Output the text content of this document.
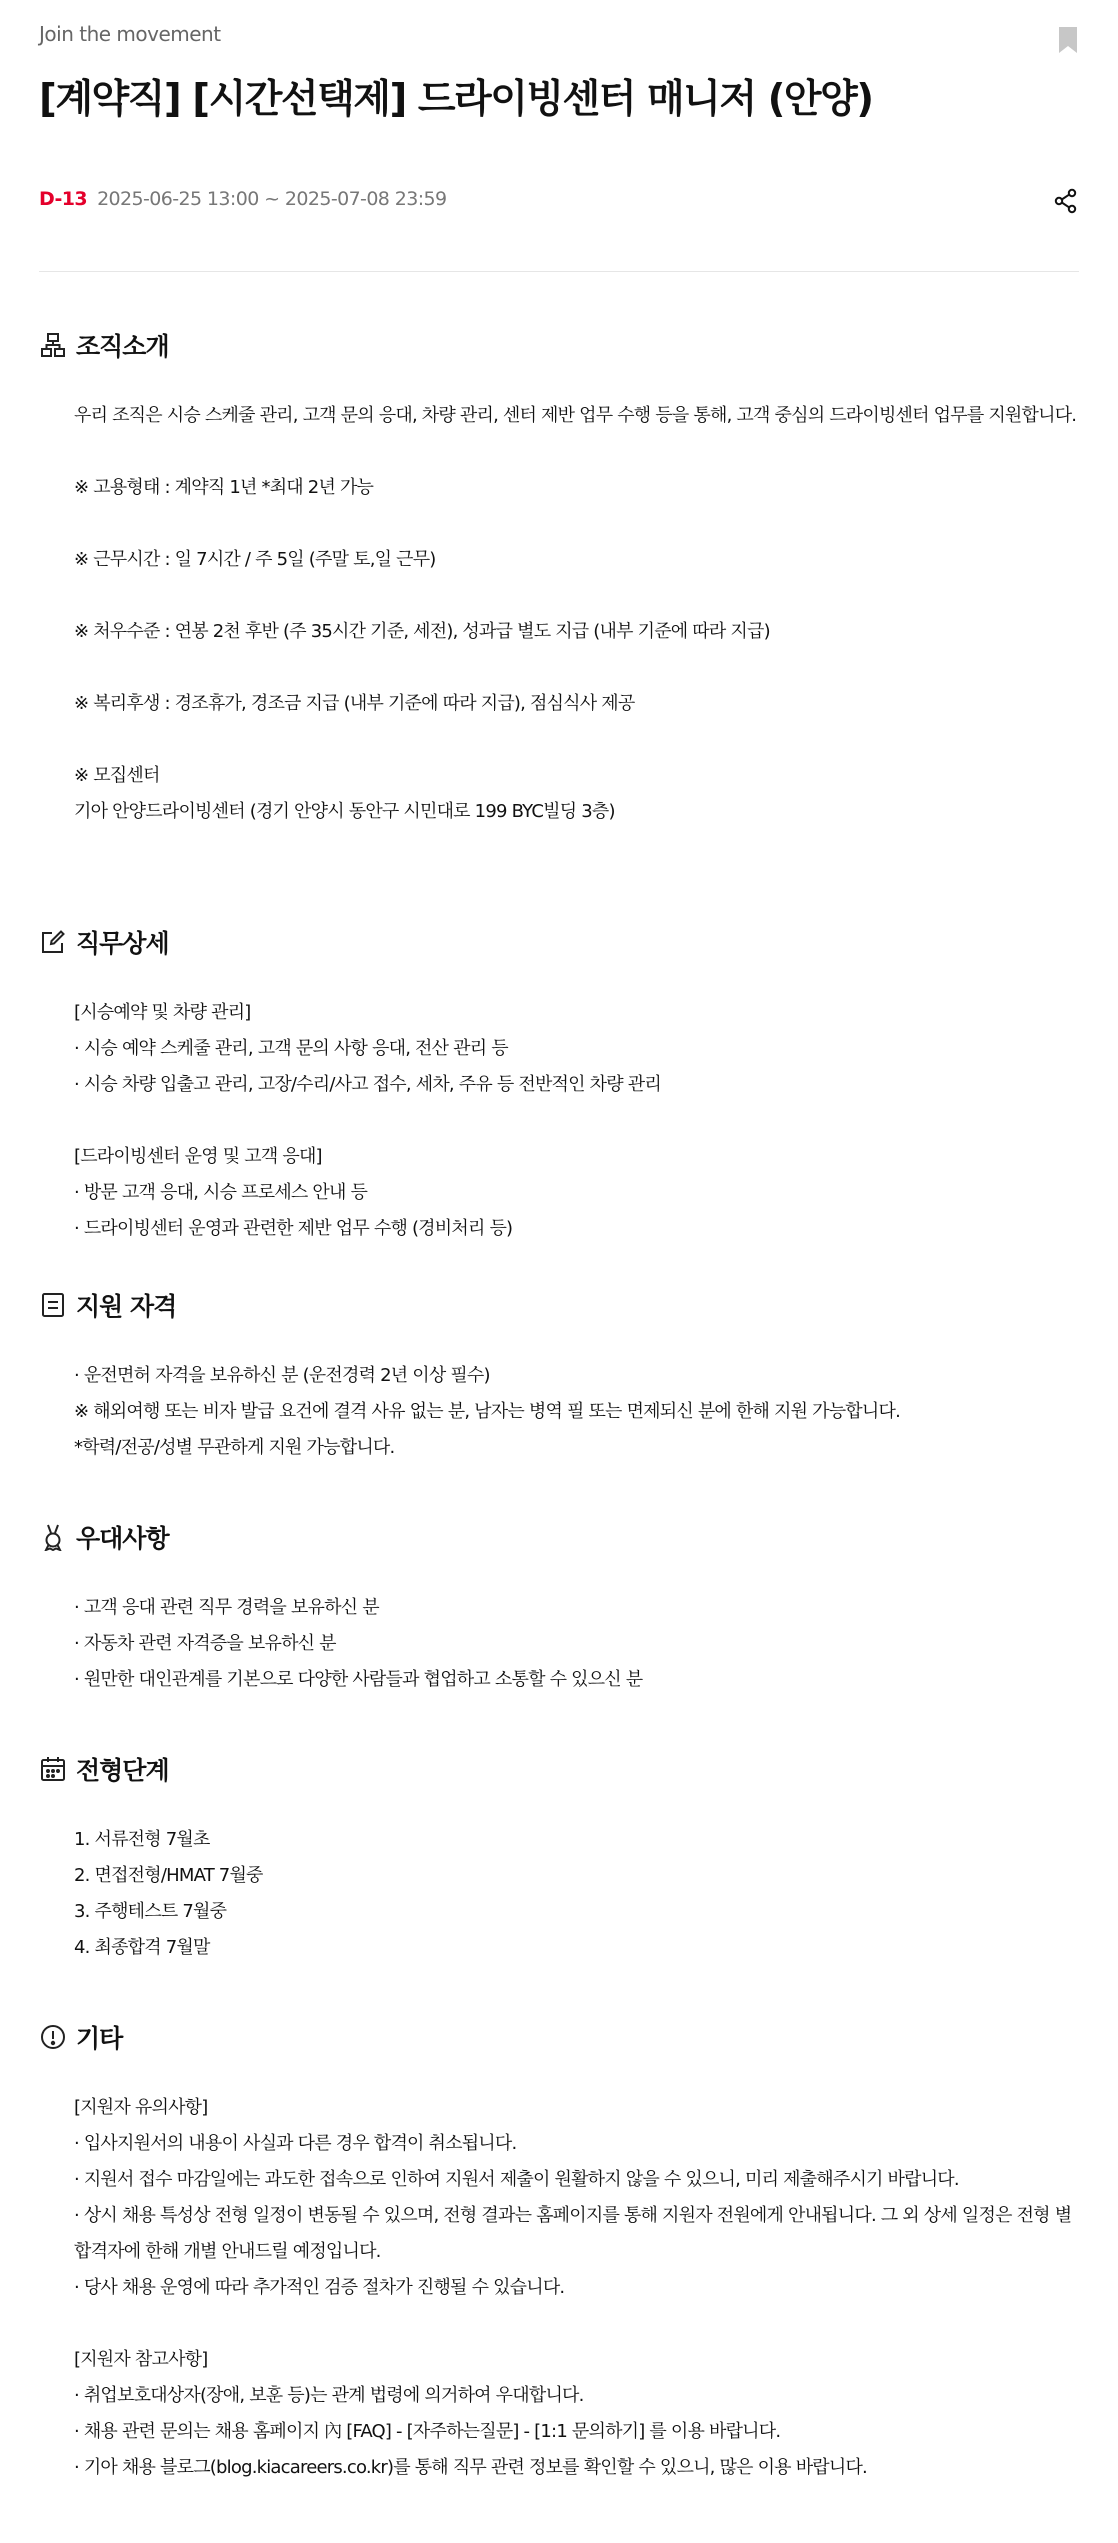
Join the movement
[계약직] [시간선택제] 드라이빙센터 매니저 (안양)
D-13 2025-06-25 13:00 ~ 2025-07-08 23:59
조직소개

우리 조직은 시승 스케줄 관리, 고객 문의 응대, 차량 관리, 센터 제반 업무 수행 등을 통해, 고객 중심의 드라이빙센터 업무를 지원합니다.

※ 고용형태 : 계약직 1년 *최대 2년 가능

※ 근무시간 : 일 7시간 / 주 5일 (주말 토,일 근무)

※ 처우수준 : 연봉 2천 후반 (주 35시간 기준, 세전), 성과급 별도 지급 (내부 기준에 따라 지급)

※ 복리후생 : 경조휴가, 경조금 지급 (내부 기준에 따라 지급), 점심식사 제공

※ 모집센터

기아 안양드라이빙센터 (경기 안양시 동안구 시민대로 199 BYC빌딩 3층)

직무상세

[시승예약 및 차량 관리]

· 시승 예약 스케줄 관리, 고객 문의 사항 응대, 전산 관리 등

· 시승 차량 입출고 관리, 고장/수리/사고 접수, 세차, 주유 등 전반적인 차량 관리

[드라이빙센터 운영 및 고객 응대]

· 방문 고객 응대, 시승 프로세스 안내 등

· 드라이빙센터 운영과 관련한 제반 업무 수행 (경비처리 등)

지원 자격

· 운전면허 자격을 보유하신 분 (운전경력 2년 이상 필수)

※ 해외여행 또는 비자 발급 요건에 결격 사유 없는 분, 남자는 병역 필 또는 면제되신 분에 한해 지원 가능합니다.

*학력/전공/성별 무관하게 지원 가능합니다.

우대사항

· 고객 응대 관련 직무 경력을 보유하신 분

· 자동차 관련 자격증을 보유하신 분

· 원만한 대인관계를 기본으로 다양한 사람들과 협업하고 소통할 수 있으신 분

전형단계

1. 서류전형 7월초

2. 면접전형/HMAT 7월중

3. 주행테스트 7월중

4. 최종합격 7월말

기타

[지원자 유의사항]

· 입사지원서의 내용이 사실과 다른 경우 합격이 취소됩니다.

· 지원서 접수 마감일에는 과도한 접속으로 인하여 지원서 제출이 원활하지 않을 수 있으니, 미리 제출해주시기 바랍니다.

· 상시 채용 특성상 전형 일정이 변동될 수 있으며, 전형 결과는 홈페이지를 통해 지원자 전원에게 안내됩니다. 그 외 상세 일정은 전형 별 합격자에 한해 개별 안내드릴 예정입니다.

· 당사 채용 운영에 따라 추가적인 검증 절차가 진행될 수 있습니다.

[지원자 참고사항]

· 취업보호대상자(장애, 보훈 등)는 관계 법령에 의거하여 우대합니다.

· 채용 관련 문의는 채용 홈페이지 內 [FAQ] - [자주하는질문] - [1:1 문의하기] 를 이용 바랍니다.

· 기아 채용 블로그(blog.kiacareers.co.kr)를 통해 직무 관련 정보를 확인할 수 있으니, 많은 이용 바랍니다.
